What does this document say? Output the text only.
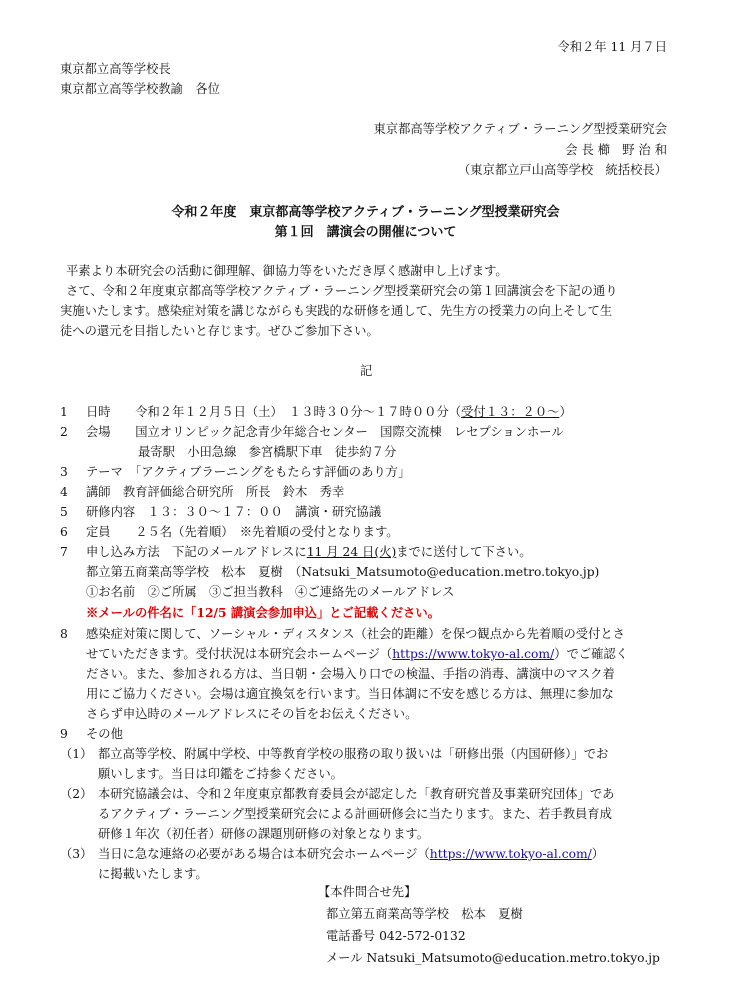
令和２年 11 月７日
東京都立高等学校長
東京都立高等学校教諭　各位
東京都高等学校アクティブ・ラーニング型授業研究会
会 長 櫛　野 治 和
（東京都立戸山高等学校　統括校長）
令和２年度　東京都高等学校アクティブ・ラーニング型授業研究会
第１回　講演会の開催について
平素より本研究会の活動に御理解、御協力等をいただき厚く感謝申し上げます。
さて、令和２年度東京都高等学校アクティブ・ラーニング型授業研究会の第１回講演会を下記の通り
実施いたします。感染症対策を講じながらも実践的な研修を通して、先生方の授業力の向上そして生
徒への還元を目指したいと存じます。ぜひご参加下さい。
記
1 日時　　令和２年１２月５日（土）　１３時３０分～１７時００分（受付１３：２０～）
2 会場　　国立オリンピック記念青少年総合センター　国際交流棟　レセプションホール
最寄駅　小田急線　参宮橋駅下車　徒歩約７分
3 テーマ　「アクティブラーニングをもたらす評価のあり方」
4 講師　教育評価総合研究所　所長　鈴木　秀幸
5 研修内容　１３：３０～１７：００　講演・研究協議
6 定員　　２５名（先着順）　※先着順の受付となります。
7 申し込み方法　下記のメールアドレスに11 月 24 日(火)までに送付して下さい。
都立第五商業高等学校　松本　夏樹　（Natsuki_Matsumoto@education.metro.tokyo.jp)
①お名前　②ご所属　③ご担当教科　④ご連絡先のメールアドレス
※メールの件名に「12/5 講演会参加申込」とご記載ください。
8 感染症対策に関して、ソーシャル・ディスタンス（社会的距離）を保つ観点から先着順の受付とさ
せていただきます。受付状況は本研究会ホームページ（https://www.tokyo-al.com/）でご確認く
ださい。また、参加される方は、当日朝・会場入り口での検温、手指の消毒、講演中のマスク着
用にご協力ください。会場は適宜換気を行います。当日体調に不安を感じる方は、無理に参加な
さらず申込時のメールアドレスにその旨をお伝えください。
9 その他
（1） 都立高等学校、附属中学校、中等教育学校の服務の取り扱いは「研修出張（内国研修）」でお
願いします。当日は印鑑をご持参ください。
（2） 本研究協議会は、令和２年度東京都教育委員会が認定した「教育研究普及事業研究団体」であ
るアクティブ・ラーニング型授業研究会による計画研修会に当たります。また、若手教員育成
研修１年次（初任者）研修の課題別研修の対象となります。
（3） 当日に急な連絡の必要がある場合は本研究会ホームページ（https://www.tokyo-al.com/）
に掲載いたします。
【本件問合せ先】
都立第五商業高等学校　松本　夏樹
電話番号 042-572-0132
メール Natsuki_Matsumoto@education.metro.tokyo.jp
